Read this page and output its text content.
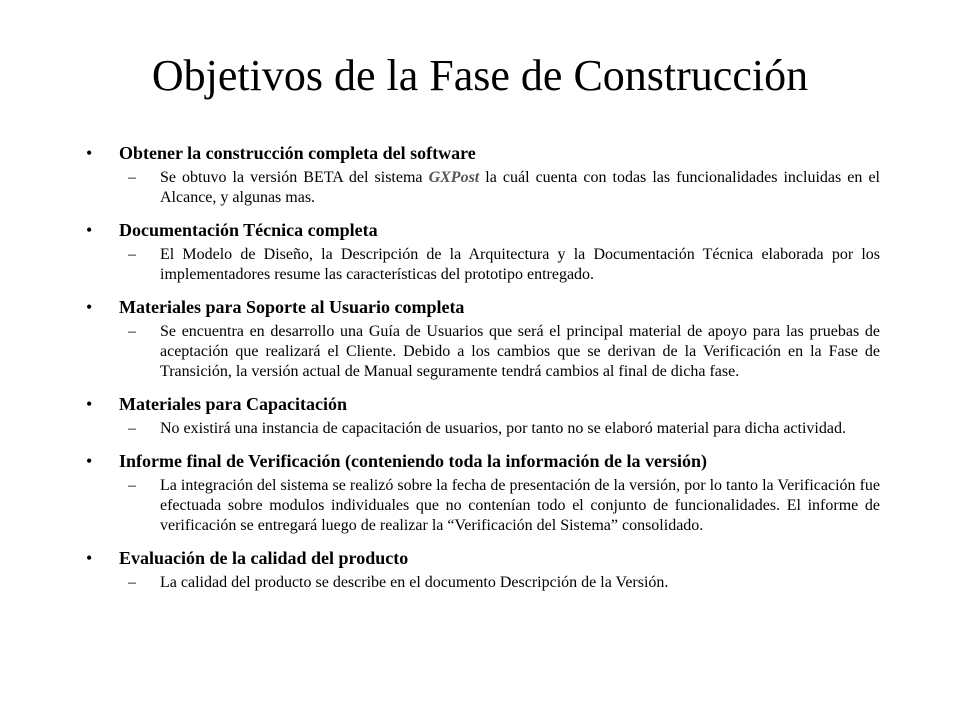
Objetivos de la Fase de Construcción
• Obtener la construcción completa del software
– Se obtuvo la versión BETA del sistema GXPost la cuál cuenta con todas las funcionalidades incluidas en el Alcance, y algunas mas.
• Documentación Técnica completa
– El Modelo de Diseño, la Descripción de la Arquitectura y la Documentación Técnica elaborada por los implementadores resume las características del prototipo entregado.
• Materiales para Soporte al Usuario completa
– Se encuentra en desarrollo una Guía de Usuarios que será el principal material de apoyo para las pruebas de aceptación que realizará el Cliente. Debido a los cambios que se derivan de la Verificación en la Fase de Transición, la versión actual de Manual seguramente tendrá cambios al final de dicha fase.
• Materiales para Capacitación
– No existirá una instancia de capacitación de usuarios, por tanto no se elaboró material para dicha actividad.
• Informe final de Verificación (conteniendo toda la información de la versión)
– La integración del sistema se realizó sobre la fecha de presentación de la versión, por lo tanto la Verificación fue efectuada sobre modulos individuales que no contenían todo el conjunto de funcionalidades. El informe de verificación se entregará luego de realizar la “Verificación del Sistema” consolidado.
• Evaluación de la calidad del producto
– La calidad del producto se describe en el documento Descripción de la Versión.
